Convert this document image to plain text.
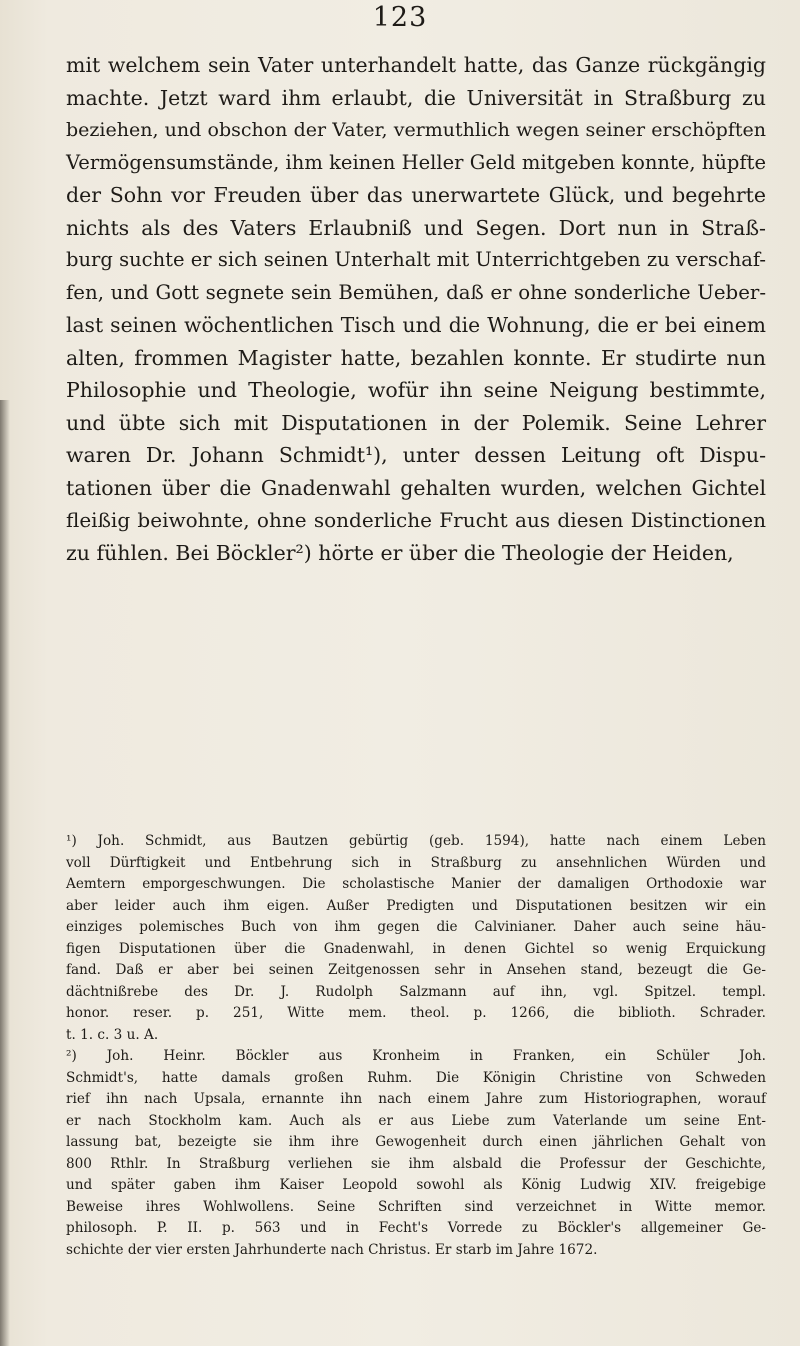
123
mit welchem sein Vater unterhandelt hatte, das Ganze rückgängig
machte. Jetzt ward ihm erlaubt, die Universität in Straßburg zu
beziehen, und obschon der Vater, vermuthlich wegen seiner erschöpften
Vermögensumstände, ihm keinen Heller Geld mitgeben konnte, hüpfte
der Sohn vor Freuden über das unerwartete Glück, und begehrte
nichts als des Vaters Erlaubniß und Segen. Dort nun in Straß-
burg suchte er sich seinen Unterhalt mit Unterrichtgeben zu verschaf-
fen, und Gott segnete sein Bemühen, daß er ohne sonderliche Ueber-
last seinen wöchentlichen Tisch und die Wohnung, die er bei einem
alten, frommen Magister hatte, bezahlen konnte. Er studirte nun
Philosophie und Theologie, wofür ihn seine Neigung bestimmte,
und übte sich mit Disputationen in der Polemik. Seine Lehrer
waren Dr. Johann Schmidt¹), unter dessen Leitung oft Dispu-
tationen über die Gnadenwahl gehalten wurden, welchen Gichtel
fleißig beiwohnte, ohne sonderliche Frucht aus diesen Distinctionen
zu fühlen. Bei Böckler²) hörte er über die Theologie der Heiden,
¹) Joh. Schmidt, aus Bautzen gebürtig (geb. 1594), hatte nach einem Leben
voll Dürftigkeit und Entbehrung sich in Straßburg zu ansehnlichen Würden und
Aemtern emporgeschwungen. Die scholastische Manier der damaligen Orthodoxie war
aber leider auch ihm eigen. Außer Predigten und Disputationen besitzen wir ein
einziges polemisches Buch von ihm gegen die Calvinianer. Daher auch seine häu-
figen Disputationen über die Gnadenwahl, in denen Gichtel so wenig Erquickung
fand. Daß er aber bei seinen Zeitgenossen sehr in Ansehen stand, bezeugt die Ge-
dächtnißrebe des Dr. J. Rudolph Salzmann auf ihn, vgl. Spitzel. templ.
honor. reser. p. 251, Witte mem. theol. p. 1266, die biblioth. Schrader.
t. 1. c. 3 u. A.
²) Joh. Heinr. Böckler aus Kronheim in Franken, ein Schüler Joh.
Schmidt's, hatte damals großen Ruhm. Die Königin Christine von Schweden
rief ihn nach Upsala, ernannte ihn nach einem Jahre zum Historiographen, worauf
er nach Stockholm kam. Auch als er aus Liebe zum Vaterlande um seine Ent-
lassung bat, bezeigte sie ihm ihre Gewogenheit durch einen jährlichen Gehalt von
800 Rthlr. In Straßburg verliehen sie ihm alsbald die Professur der Geschichte,
und später gaben ihm Kaiser Leopold sowohl als König Ludwig XIV. freigebige
Beweise ihres Wohlwollens. Seine Schriften sind verzeichnet in Witte memor.
philosoph. P. II. p. 563 und in Fecht's Vorrede zu Böckler's allgemeiner Ge-
schichte der vier ersten Jahrhunderte nach Christus. Er starb im Jahre 1672.
